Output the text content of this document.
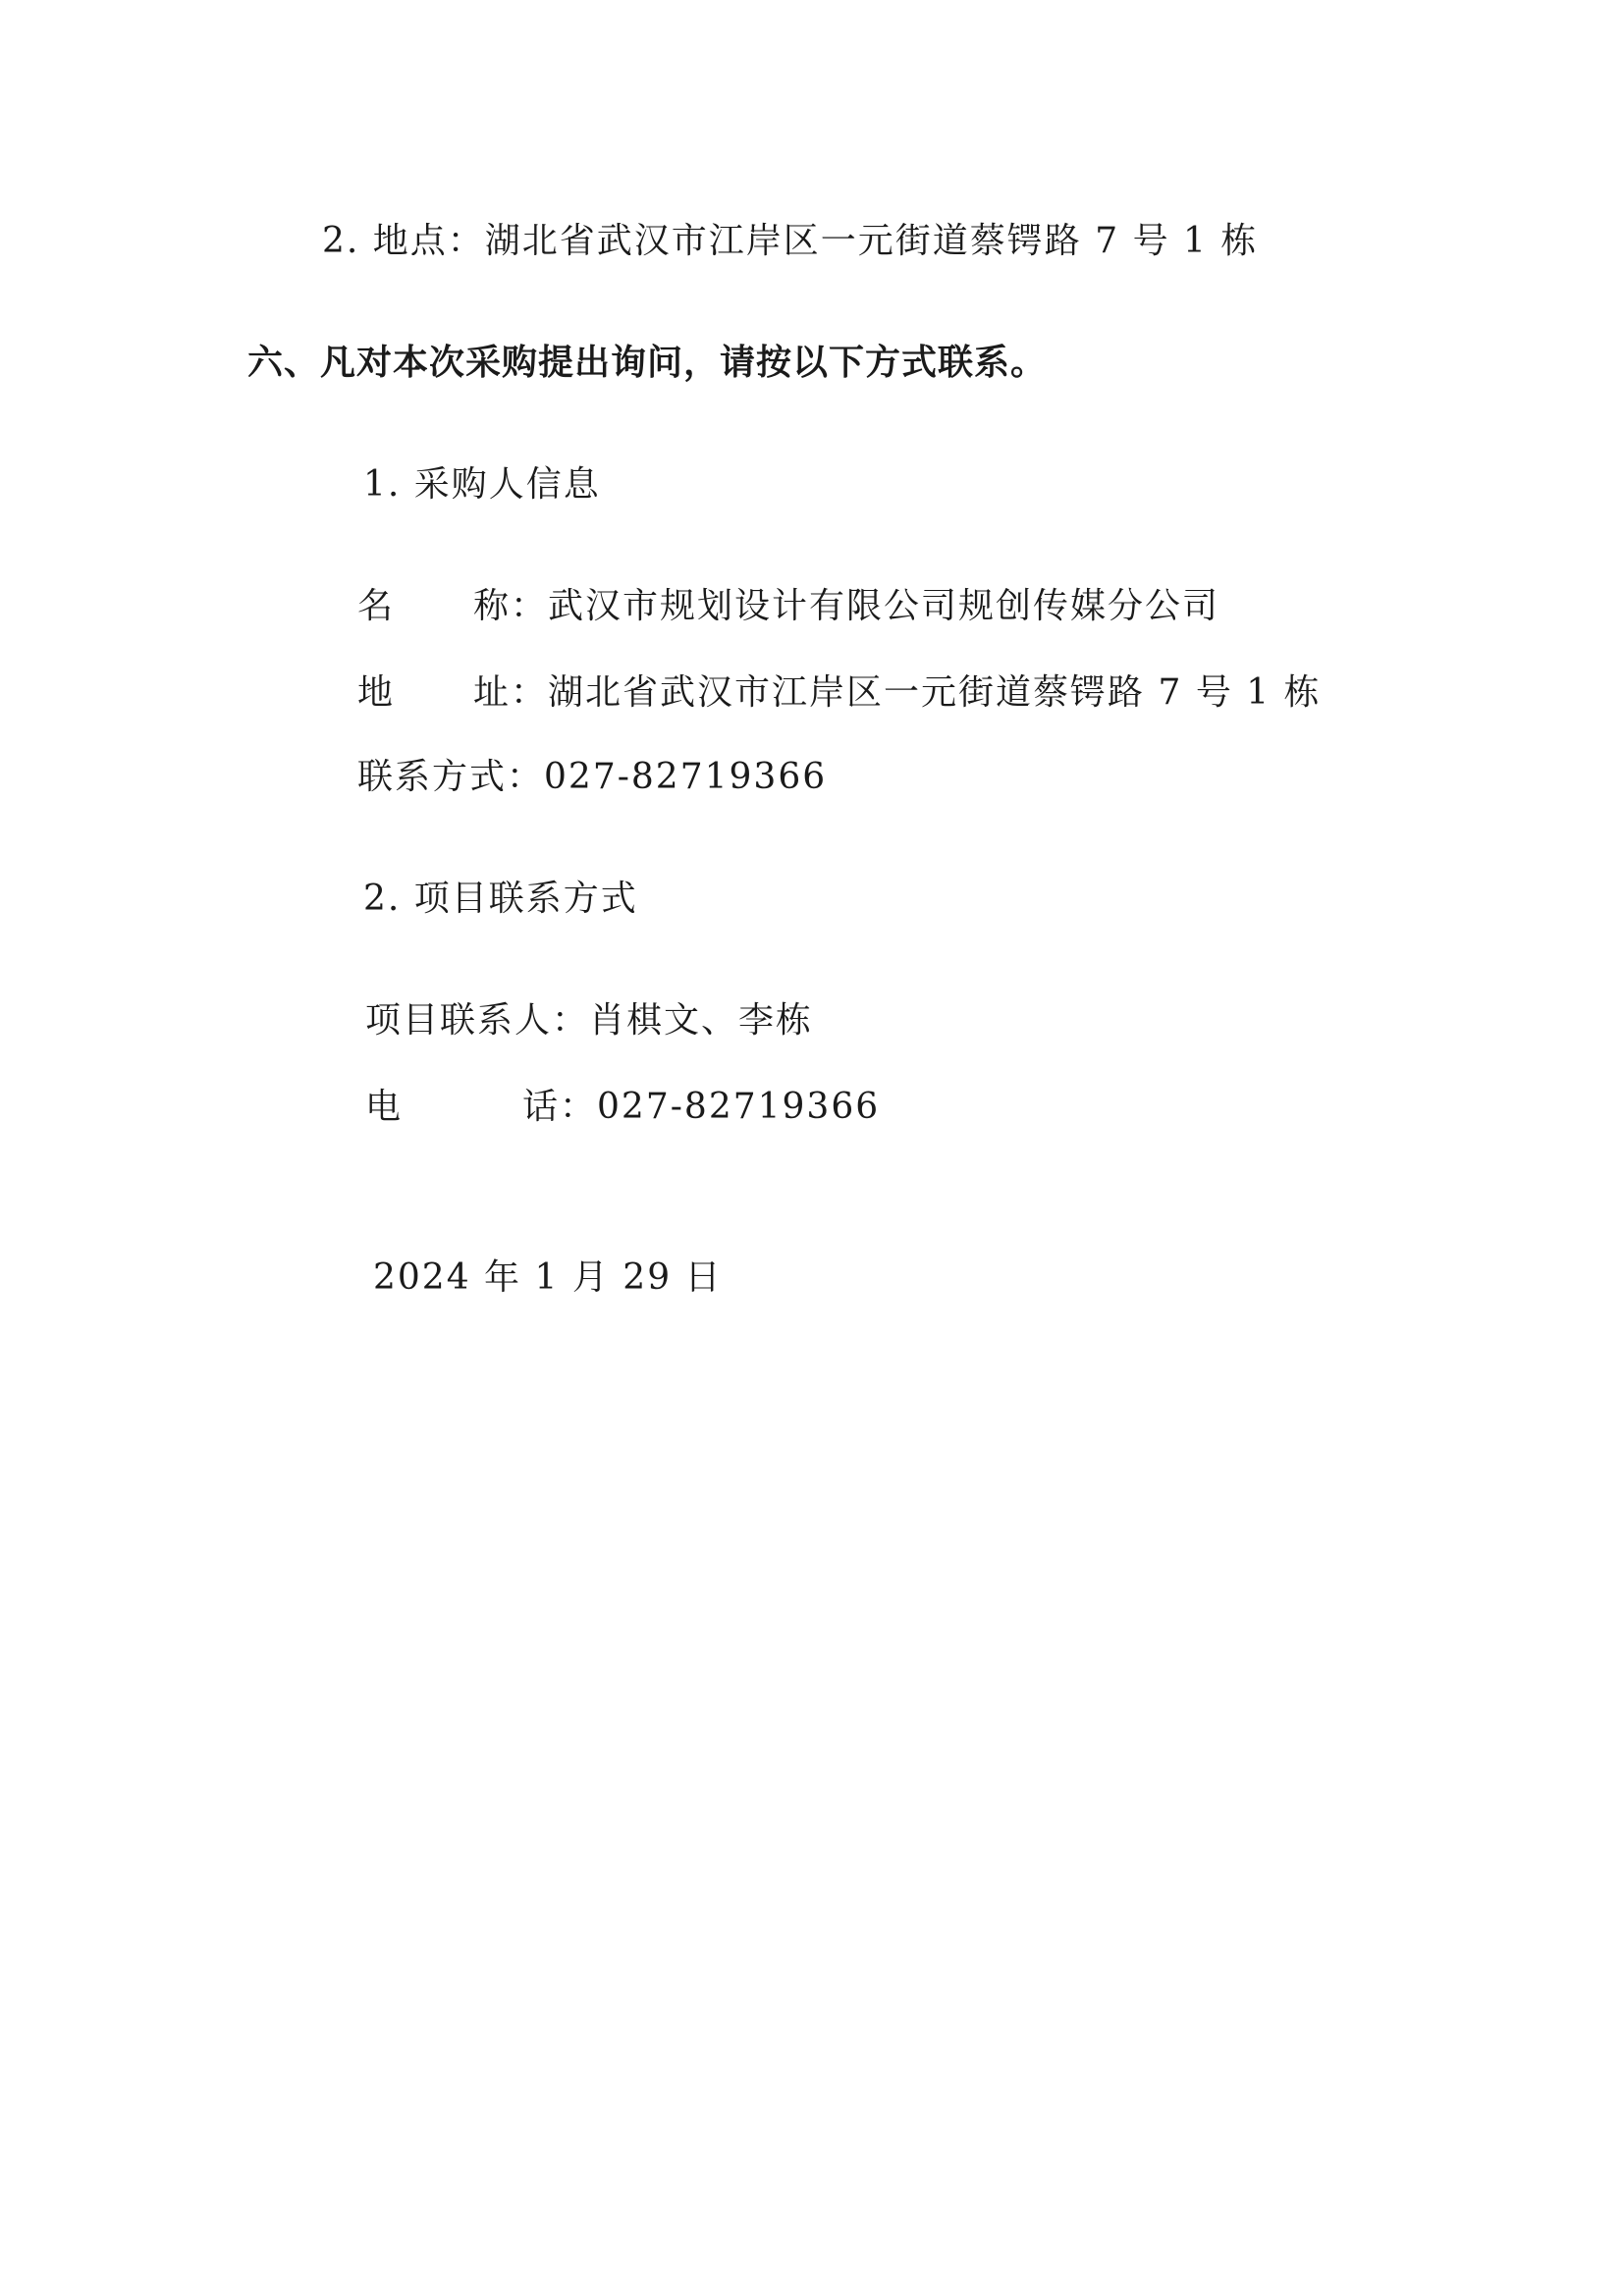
2. 地点：湖北省武汉市江岸区一元街道蔡锷路 7 号 1 栋
六、凡对本次采购提出询问，请按以下方式联系。
1. 采购人信息
名 称：武汉市规划设计有限公司规创传媒分公司
地 址：湖北省武汉市江岸区一元街道蔡锷路 7 号 1 栋
联系方式：027-82719366
2. 项目联系方式
项目联系人：肖棋文、李栋
电	话：027-82719366
2024 年 1 月 29 日
